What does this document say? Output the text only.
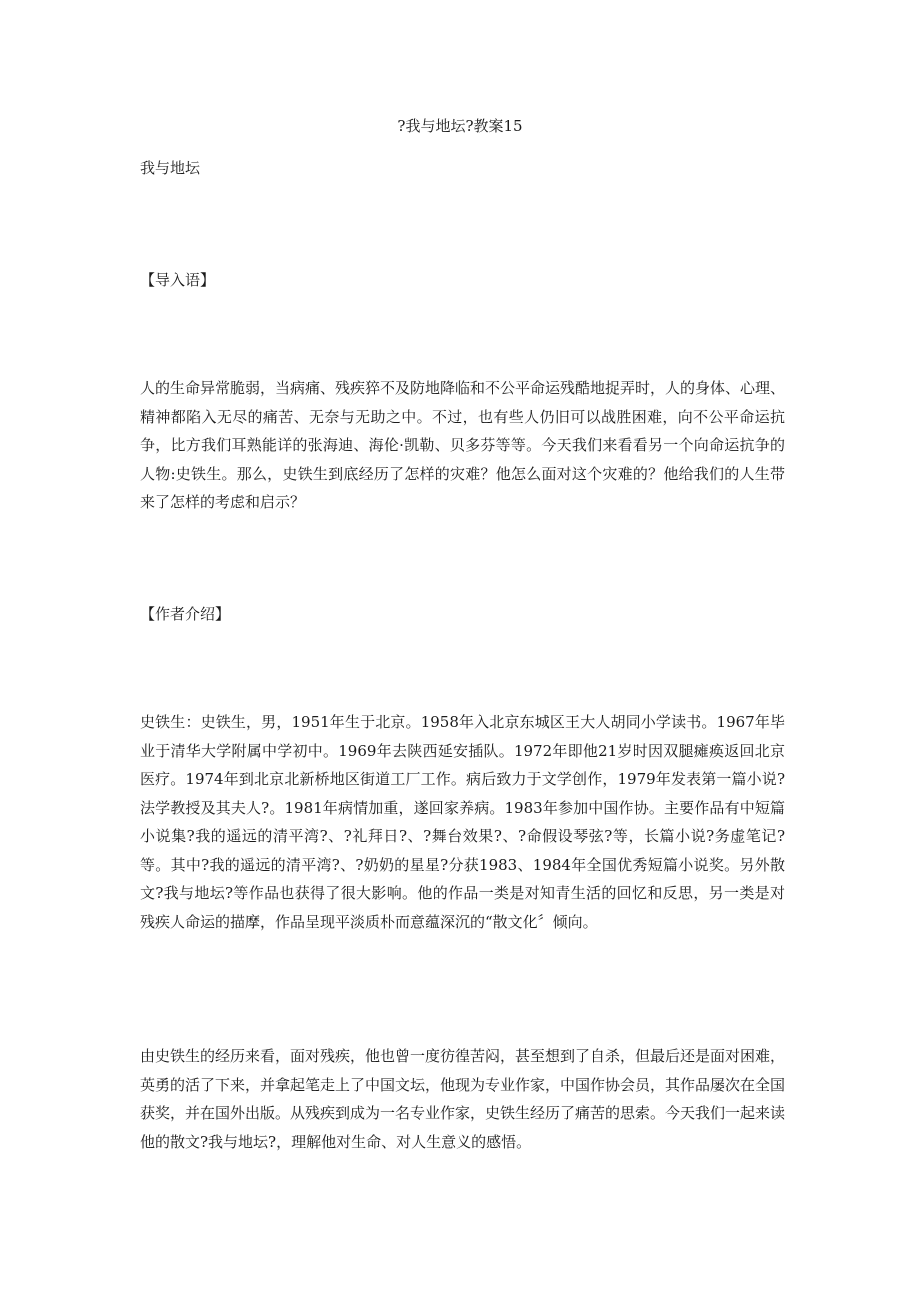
?我与地坛?教案15
我与地坛
【导入语】

人的生命异常脆弱，当病痛、残疾猝不及防地降临和不公平命运残酷地捉弄时，人的身体、心理、精神都陷入无尽的痛苦、无奈与无助之中。不过，也有些人仍旧可以战胜困难，向不公平命运抗争，比方我们耳熟能详的张海迪、海伦·凯勒、贝多芬等等。今天我们来看看另一个向命运抗争的人物:史铁生。那么，史铁生到底经历了怎样的灾难？他怎么面对这个灾难的？他给我们的人生带来了怎样的考虑和启示？

【作者介绍】

史铁生：史铁生，男，1951年生于北京。1958年入北京东城区王大人胡同小学读书。1967年毕业于清华大学附属中学初中。1969年去陕西延安插队。1972年即他21岁时因双腿瘫痪返回北京医疗。1974年到北京北新桥地区街道工厂工作。病后致力于文学创作，1979年发表第一篇小说?法学教授及其夫人?。1981年病情加重，遂回家养病。1983年参加中国作协。主要作品有中短篇小说集?我的遥远的清平湾?、?礼拜日?、?舞台效果?、?命假设琴弦?等，长篇小说?务虚笔记?等。其中?我的遥远的清平湾?、?奶奶的星星?分获1983、1984年全国优秀短篇小说奖。另外散文?我与地坛?等作品也获得了很大影响。他的作品一类是对知青生活的回忆和反思，另一类是对残疾人命运的描摩，作品呈现平淡质朴而意蕴深沉的“散文化〞倾向。

由史铁生的经历来看，面对残疾，他也曾一度彷徨苦闷，甚至想到了自杀，但最后还是面对困难，英勇的活了下来，并拿起笔走上了中国文坛，他现为专业作家，中国作协会员，其作品屡次在全国获奖，并在国外出版。从残疾到成为一名专业作家，史铁生经历了痛苦的思索。今天我们一起来读他的散文?我与地坛?，理解他对生命、对人生意义的感悟。
